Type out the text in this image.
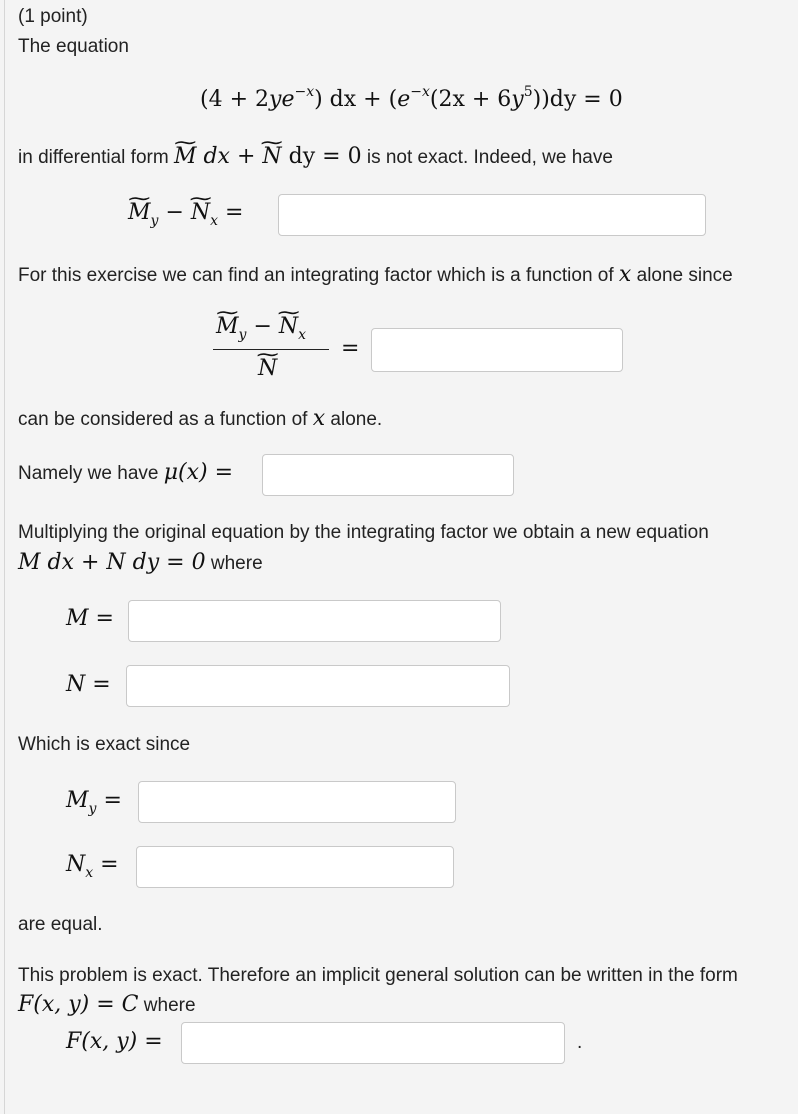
(1 point)
The equation
$(4 + 2ye^{-x})$ dx + $(e^{-x}(2x + 6y^5))dy = 0$
in differential form ∼ M dx + ∼ N dy = 0 is not exact. Indeed, we have
∼ $M_y$ − ∼ $N_x$ =
For this exercise we can find an integrating factor which is a function of x alone since
∼ $M_y$ − ∼ $N_x$
∼ N
=
can be considered as a function of x alone.
Namely we have μ(x) =
Multiplying the original equation by the integrating factor we obtain a new equation
M dx + N dy = 0 where
M =
N =
Which is exact since
$M_y$ =
$N_x$ =
are equal.
This problem is exact. Therefore an implicit general solution can be written in the form
F(x, y) = C where
F(x, y) =	.
